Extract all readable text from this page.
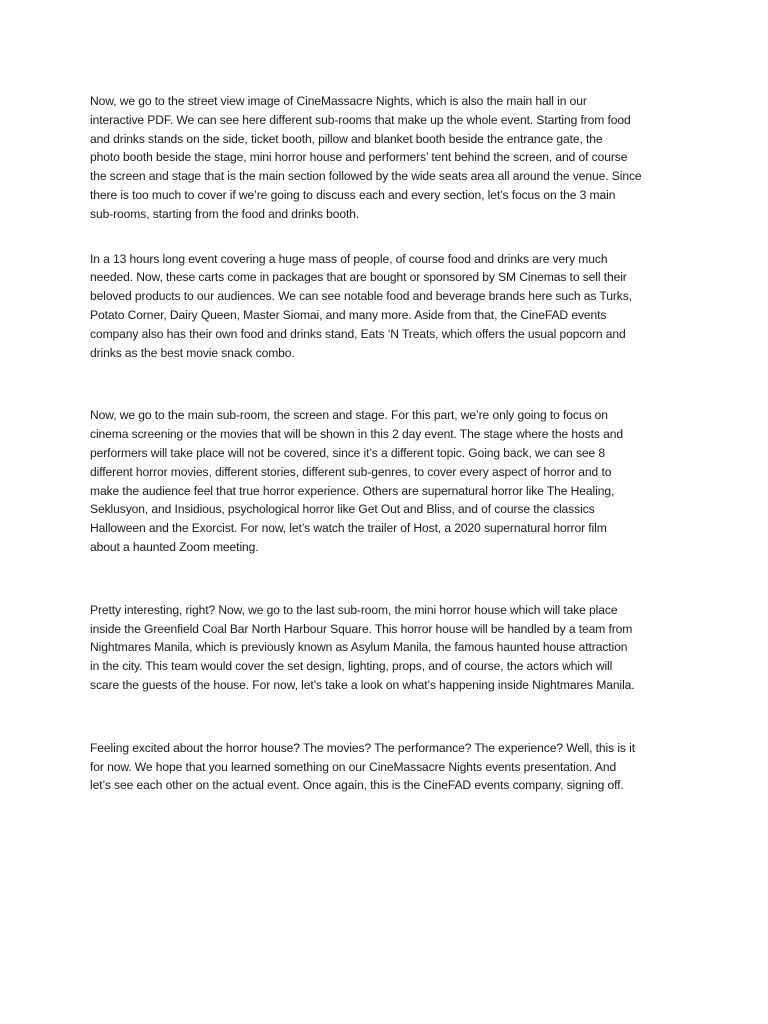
Now, we go to the street view image of CineMassacre Nights, which is also the main hall in our
interactive PDF. We can see here different sub-rooms that make up the whole event. Starting from food
and drinks stands on the side, ticket booth, pillow and blanket booth beside the entrance gate, the
photo booth beside the stage, mini horror house and performers’ tent behind the screen, and of course
the screen and stage that is the main section followed by the wide seats area all around the venue. Since
there is too much to cover if we’re going to discuss each and every section, let’s focus on the 3 main
sub-rooms, starting from the food and drinks booth.

In a 13 hours long event covering a huge mass of people, of course food and drinks are very much
needed. Now, these carts come in packages that are bought or sponsored by SM Cinemas to sell their
beloved products to our audiences. We can see notable food and beverage brands here such as Turks,
Potato Corner, Dairy Queen, Master Siomai, and many more. Aside from that, the CineFAD events
company also has their own food and drinks stand, Eats ‘N Treats, which offers the usual popcorn and
drinks as the best movie snack combo.

Now, we go to the main sub-room, the screen and stage. For this part, we’re only going to focus on
cinema screening or the movies that will be shown in this 2 day event. The stage where the hosts and
performers will take place will not be covered, since it’s a different topic. Going back, we can see 8
different horror movies, different stories, different sub-genres, to cover every aspect of horror and to
make the audience feel that true horror experience. Others are supernatural horror like The Healing,
Seklusyon, and Insidious, psychological horror like Get Out and Bliss, and of course the classics
Halloween and the Exorcist. For now, let’s watch the trailer of Host, a 2020 supernatural horror film
about a haunted Zoom meeting.

Pretty interesting, right? Now, we go to the last sub-room, the mini horror house which will take place
inside the Greenfield Coal Bar North Harbour Square. This horror house will be handled by a team from
Nightmares Manila, which is previously known as Asylum Manila, the famous haunted house attraction
in the city. This team would cover the set design, lighting, props, and of course, the actors which will
scare the guests of the house. For now, let’s take a look on what’s happening inside Nightmares Manila.

Feeling excited about the horror house? The movies? The performance? The experience? Well, this is it
for now. We hope that you learned something on our CineMassacre Nights events presentation. And
let’s see each other on the actual event. Once again, this is the CineFAD events company, signing off.
